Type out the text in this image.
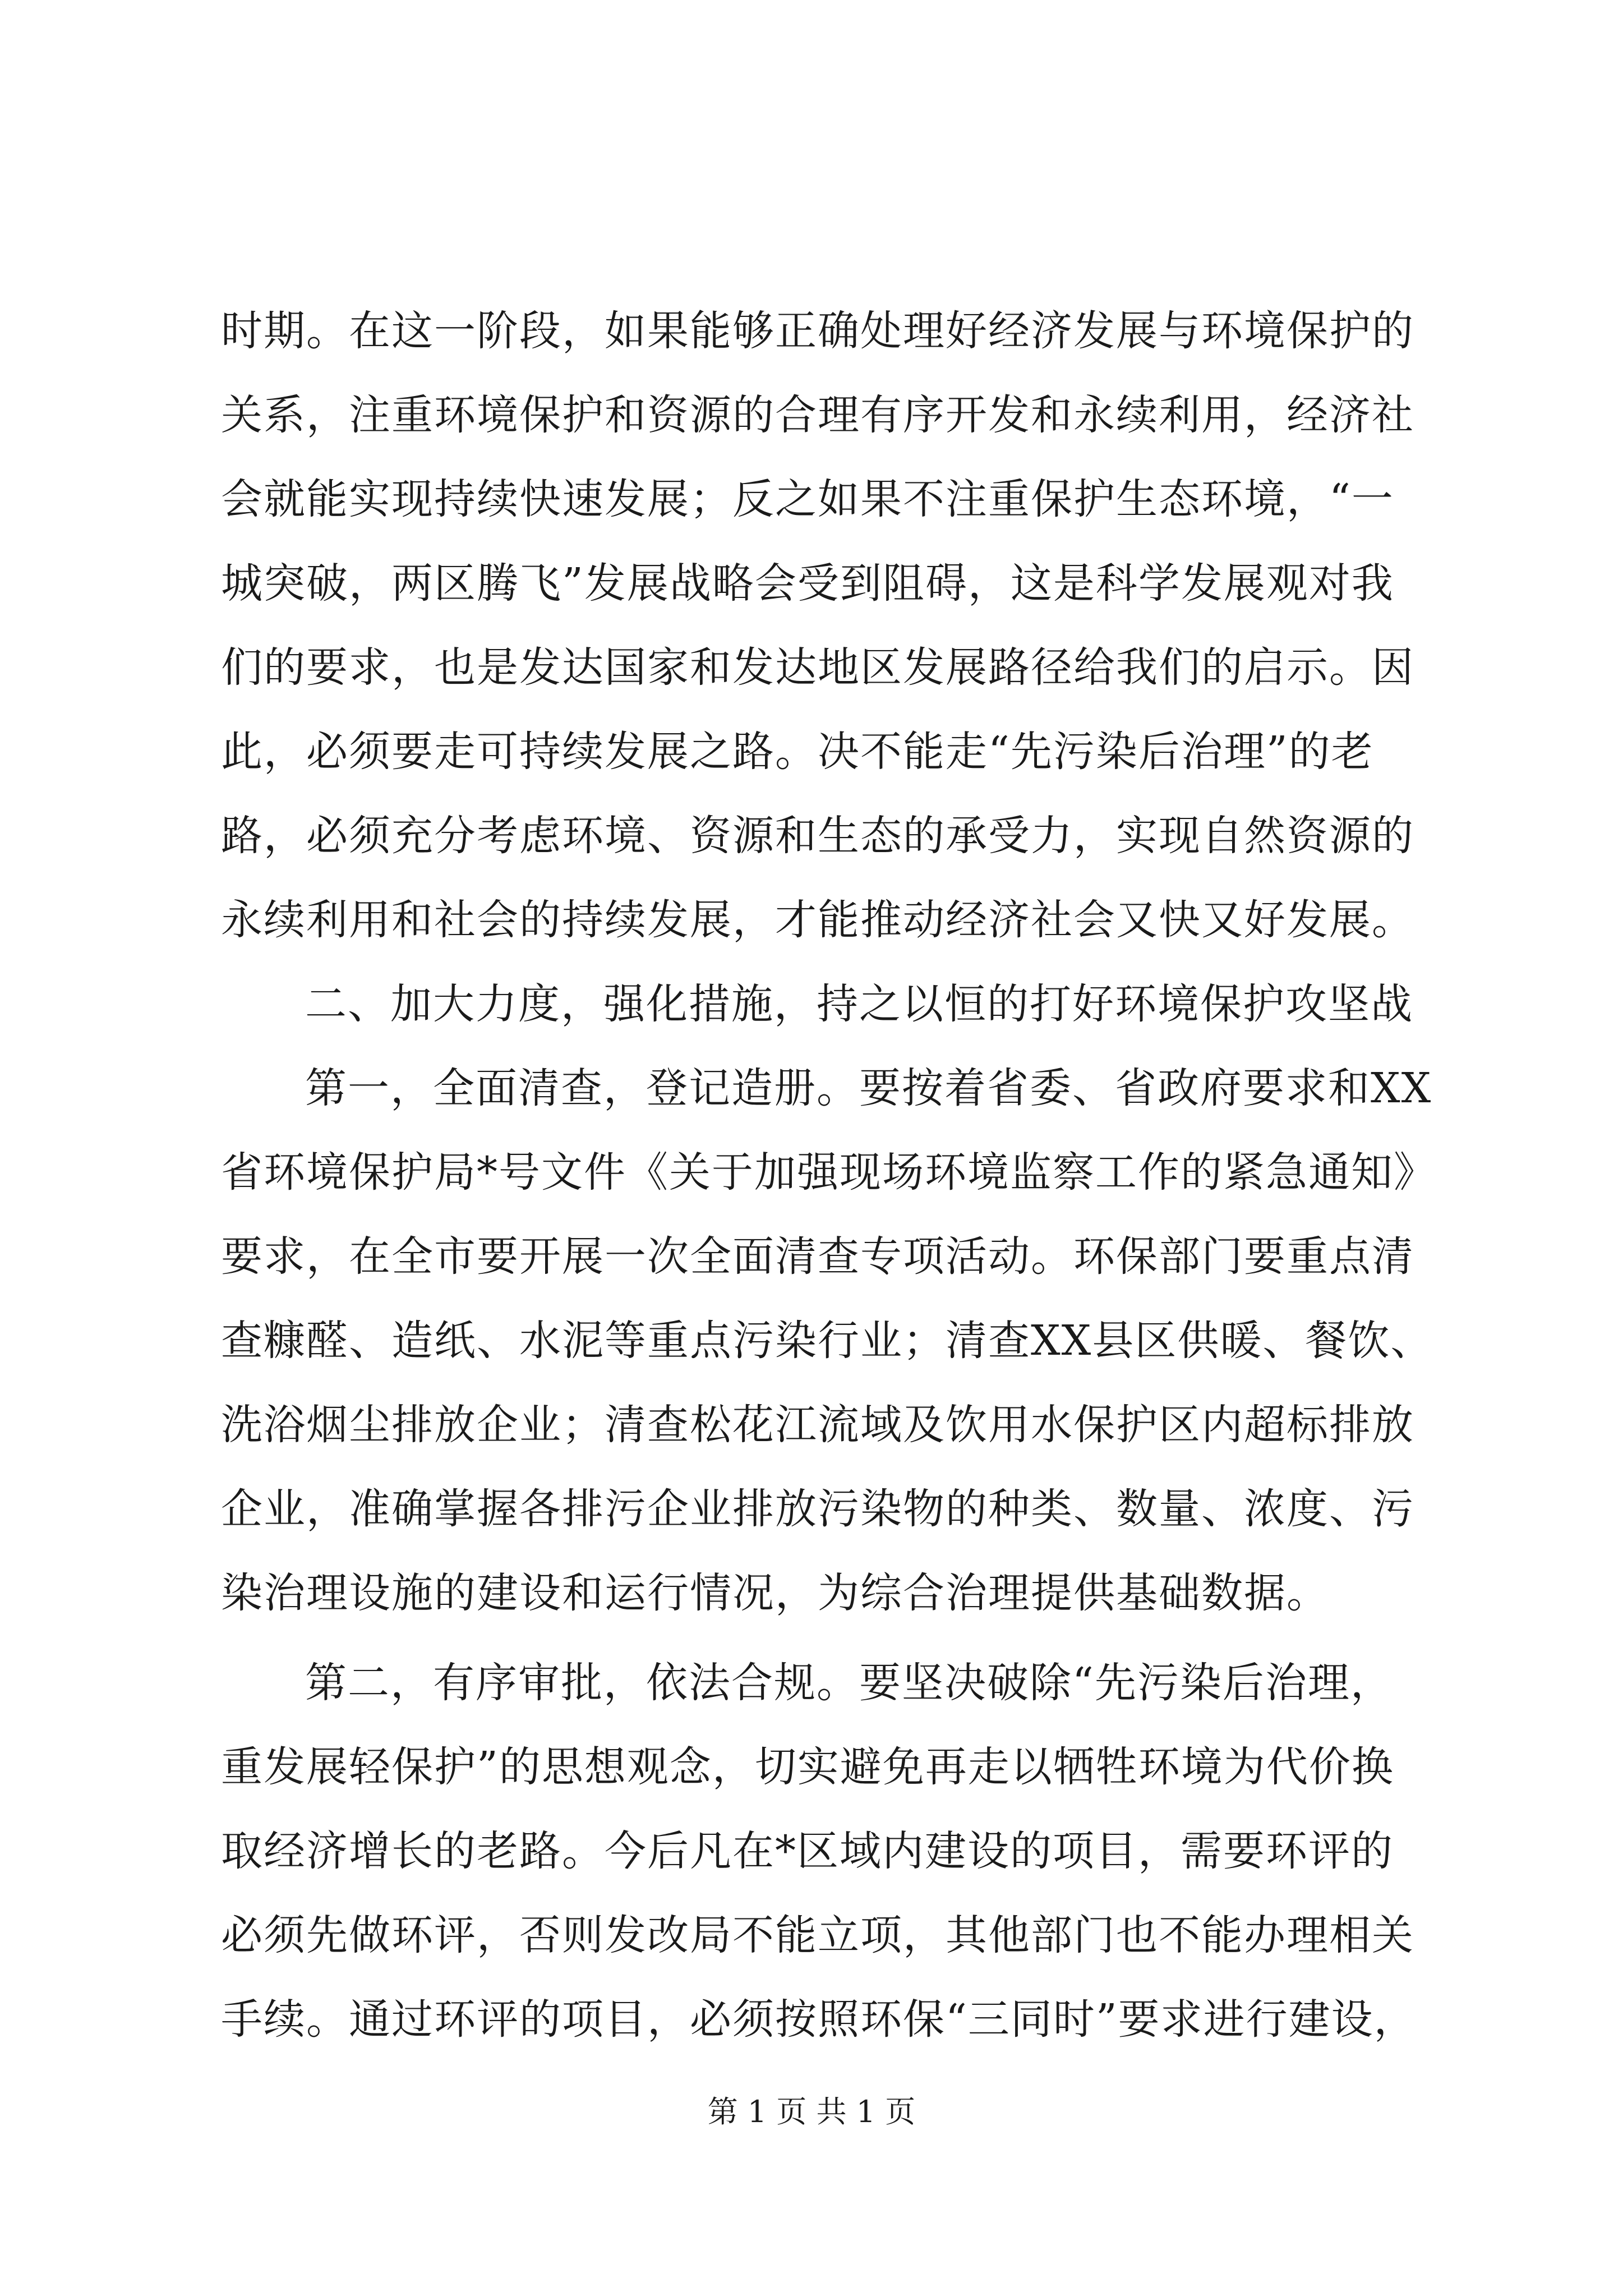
时期。在这一阶段，如果能够正确处理好经济发展与环境保护的
关系，注重环境保护和资源的合理有序开发和永续利用，经济社
会就能实现持续快速发展；反之如果不注重保护生态环境，“一
城突破，两区腾飞”发展战略会受到阻碍，这是科学发展观对我
们的要求，也是发达国家和发达地区发展路径给我们的启示。因
此，必须要走可持续发展之路。决不能走“先污染后治理”的老
路，必须充分考虑环境、资源和生态的承受力，实现自然资源的
永续利用和社会的持续发展，才能推动经济社会又快又好发展。
二、加大力度，强化措施，持之以恒的打好环境保护攻坚战
第一，全面清查，登记造册。要按着省委、省政府要求和XX
省环境保护局*号文件《关于加强现场环境监察工作的紧急通知》
要求，在全市要开展一次全面清查专项活动。环保部门要重点清
查糠醛、造纸、水泥等重点污染行业；清查XX县区供暖、餐饮、
洗浴烟尘排放企业；清查松花江流域及饮用水保护区内超标排放
企业，准确掌握各排污企业排放污染物的种类、数量、浓度、污
染治理设施的建设和运行情况，为综合治理提供基础数据。
第二，有序审批，依法合规。要坚决破除“先污染后治理，
重发展轻保护”的思想观念，切实避免再走以牺牲环境为代价换
取经济增长的老路。今后凡在*区域内建设的项目，需要环评的
必须先做环评，否则发改局不能立项，其他部门也不能办理相关
手续。通过环评的项目，必须按照环保“三同时”要求进行建设，
第 1 页 共 1 页
